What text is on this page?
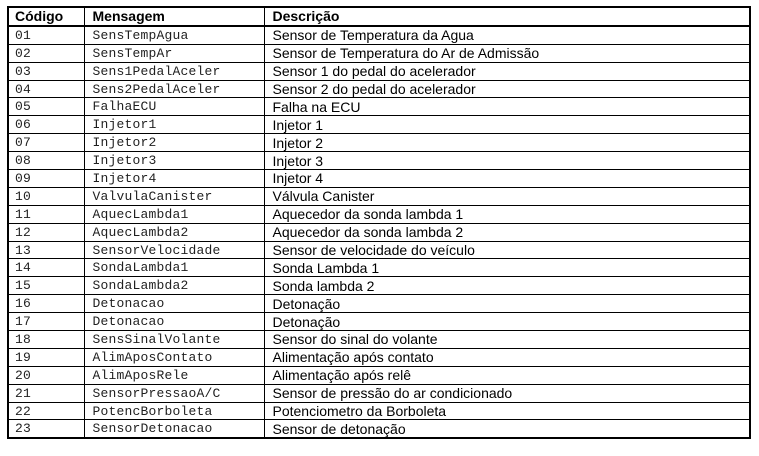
Código	Mensagem	Descrição
01	SensTempAgua	Sensor de Temperatura da Agua
02	SensTempAr	Sensor de Temperatura do Ar de Admissão
03	Sens1PedalAceler	Sensor 1 do pedal do acelerador
04	Sens2PedalAceler	Sensor 2 do pedal do acelerador
05	FalhaECU	Falha na ECU
06	Injetor1	Injetor 1
07	Injetor2	Injetor 2
08	Injetor3	Injetor 3
09	Injetor4	Injetor 4
10	ValvulaCanister	Válvula Canister
11	AquecLambda1	Aquecedor da sonda lambda 1
12	AquecLambda2	Aquecedor da sonda lambda 2
13	SensorVelocidade	Sensor de velocidade do veículo
14	SondaLambda1	Sonda Lambda 1
15	SondaLambda2	Sonda lambda 2
16	Detonacao	Detonação
17	Detonacao	Detonação
18	SensSinalVolante	Sensor do sinal do volante
19	AlimAposContato	Alimentação após contato
20	AlimAposRele	Alimentação após relê
21	SensorPressaoA/C	Sensor de pressão do ar condicionado
22	PotencBorboleta	Potenciometro da Borboleta
23	SensorDetonacao	Sensor de detonação
